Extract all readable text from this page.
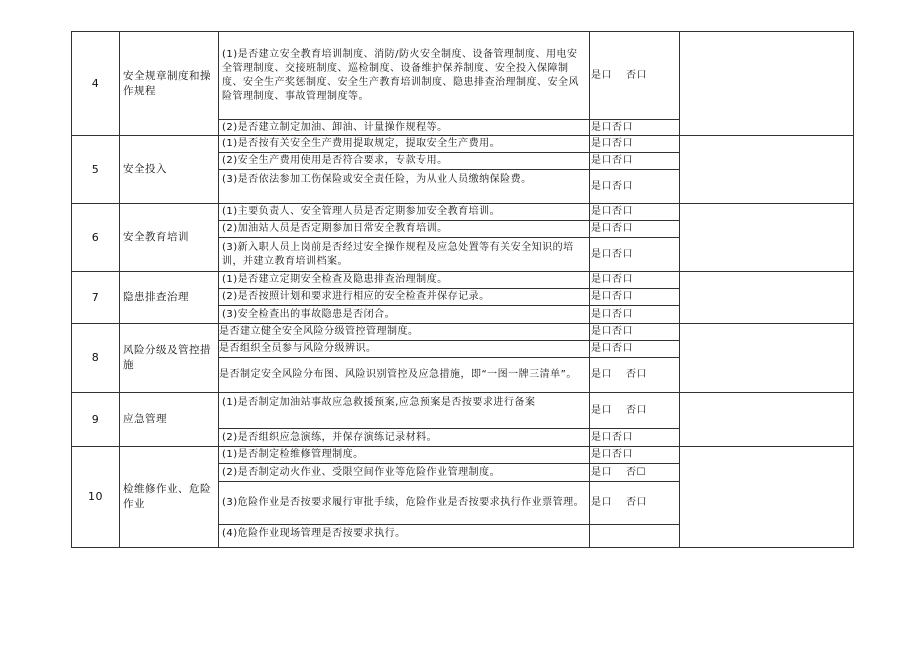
4	安全规章制度和操作规程	(1)是否建立安全教育培训制度、消防/防火安全制度、设备管理制度、用电安全管理制度、交接班制度、巡检制度、设备维护保养制度、安全投入保障制度、安全生产奖惩制度、安全生产教育培训制度、隐患排查治理制度、安全风险管理制度、事故管理制度等。	是口 否口	
		(2)是否建立制定加油、卸油、计量操作规程等。	是口否口	
5	安全投入	(1)是否按有关安全生产费用提取规定，提取安全生产费用。	是口否口	
		(2)安全生产费用使用是否符合要求，专款专用。	是口否口	
		(3)是否依法参加工伤保险或安全责任险，为从业人员缴纳保险费。	是口否口	
6	安全教育培训	(1)主要负责人、安全管理人员是否定期参加安全教育培训。	是口否口	
		(2)加油站人员是否定期参加日常安全教育培训。	是口否口	
		(3)新入职人员上岗前是否经过安全操作规程及应急处置等有关安全知识的培训，并建立教育培训档案。	是口否口	
7	隐患排查治理	(1)是否建立定期安全检查及隐患排查治理制度。	是口否口	
		(2)是否按照计划和要求进行相应的安全检查并保存记录。	是口否口	
		(3)安全检查出的事故隐患是否闭合。	是口否口	
8	风险分级及管控措施	是否建立健全安全风险分级管控管理制度。	是口否口	
		是否组织全员参与风险分级辨识。	是口否口	
		是否制定安全风险分布图、风险识别管控及应急措施，即“一图一牌三清单”。	是口 否口	
9	应急管理	(1)是否制定加油站事故应急救援预案,应急预案是否按要求进行备案	是口 否口	
		(2)是否组织应急演练，并保存演练记录材料。	是口否口	
10	检维修作业、危险作业	(1)是否制定检维修管理制度。	是口否口	
		(2)是否制定动火作业、受限空间作业等危险作业管理制度。	是口 否☐	
		(3)危险作业是否按要求履行审批手续，危险作业是否按要求执行作业票管理。	是口 否口	
		(4)危险作业现场管理是否按要求执行。		
